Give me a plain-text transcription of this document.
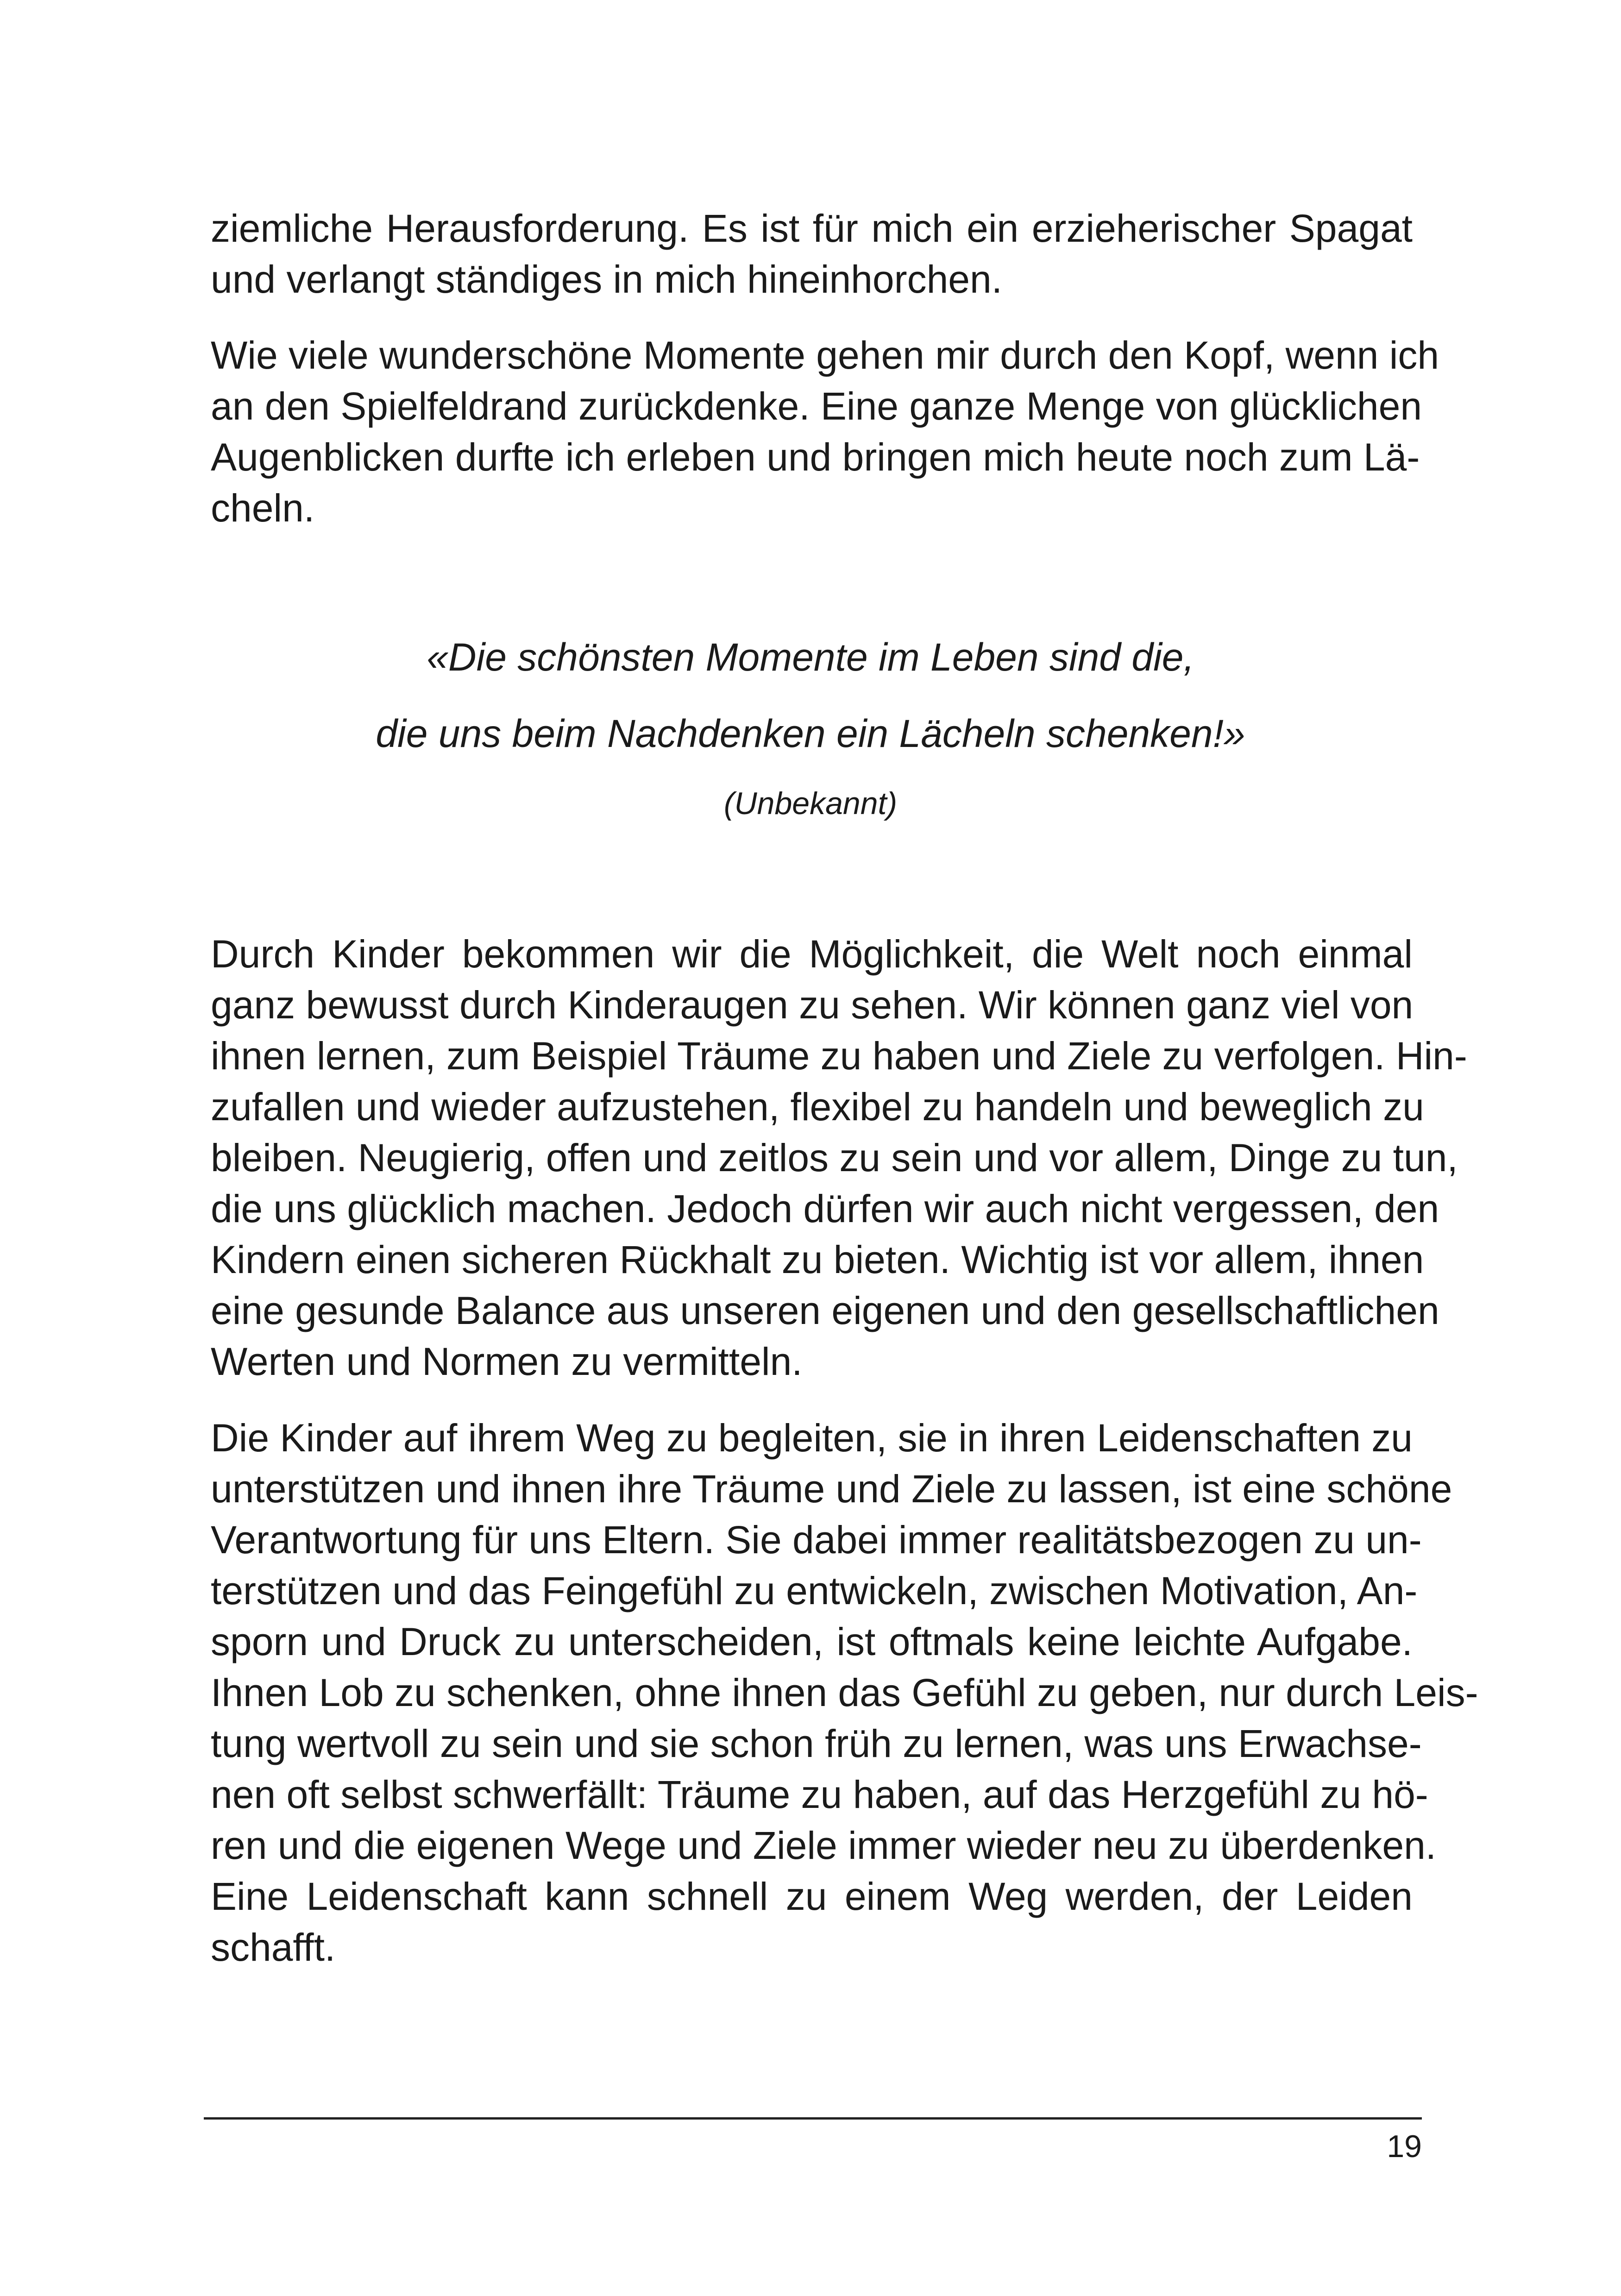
ziemliche Herausforderung. Es ist für mich ein erzieherischer Spagat
und verlangt ständiges in mich hineinhorchen.
Wie viele wunderschöne Momente gehen mir durch den Kopf, wenn ich
an den Spielfeldrand zurückdenke. Eine ganze Menge von glücklichen
Augenblicken durfte ich erleben und bringen mich heute noch zum Lä-
cheln.
«Die schönsten Momente im Leben sind die,
die uns beim Nachdenken ein Lächeln schenken!»
(Unbekannt)
Durch Kinder bekommen wir die Möglichkeit, die Welt noch einmal
ganz bewusst durch Kinderaugen zu sehen. Wir können ganz viel von
ihnen lernen, zum Beispiel Träume zu haben und Ziele zu verfolgen. Hin-
zufallen und wieder aufzustehen, flexibel zu handeln und beweglich zu
bleiben. Neugierig, offen und zeitlos zu sein und vor allem, Dinge zu tun,
die uns glücklich machen. Jedoch dürfen wir auch nicht vergessen, den
Kindern einen sicheren Rückhalt zu bieten. Wichtig ist vor allem, ihnen
eine gesunde Balance aus unseren eigenen und den gesellschaftlichen
Werten und Normen zu vermitteln.
Die Kinder auf ihrem Weg zu begleiten, sie in ihren Leidenschaften zu
unterstützen und ihnen ihre Träume und Ziele zu lassen, ist eine schöne
Verantwortung für uns Eltern. Sie dabei immer realitätsbezogen zu un-
terstützen und das Feingefühl zu entwickeln, zwischen Motivation, An-
sporn und Druck zu unterscheiden, ist oftmals keine leichte Aufgabe.
Ihnen Lob zu schenken, ohne ihnen das Gefühl zu geben, nur durch Leis-
tung wertvoll zu sein und sie schon früh zu lernen, was uns Erwachse-
nen oft selbst schwerfällt: Träume zu haben, auf das Herzgefühl zu hö-
ren und die eigenen Wege und Ziele immer wieder neu zu überdenken.
Eine Leidenschaft kann schnell zu einem Weg werden, der Leiden
schafft.
19
